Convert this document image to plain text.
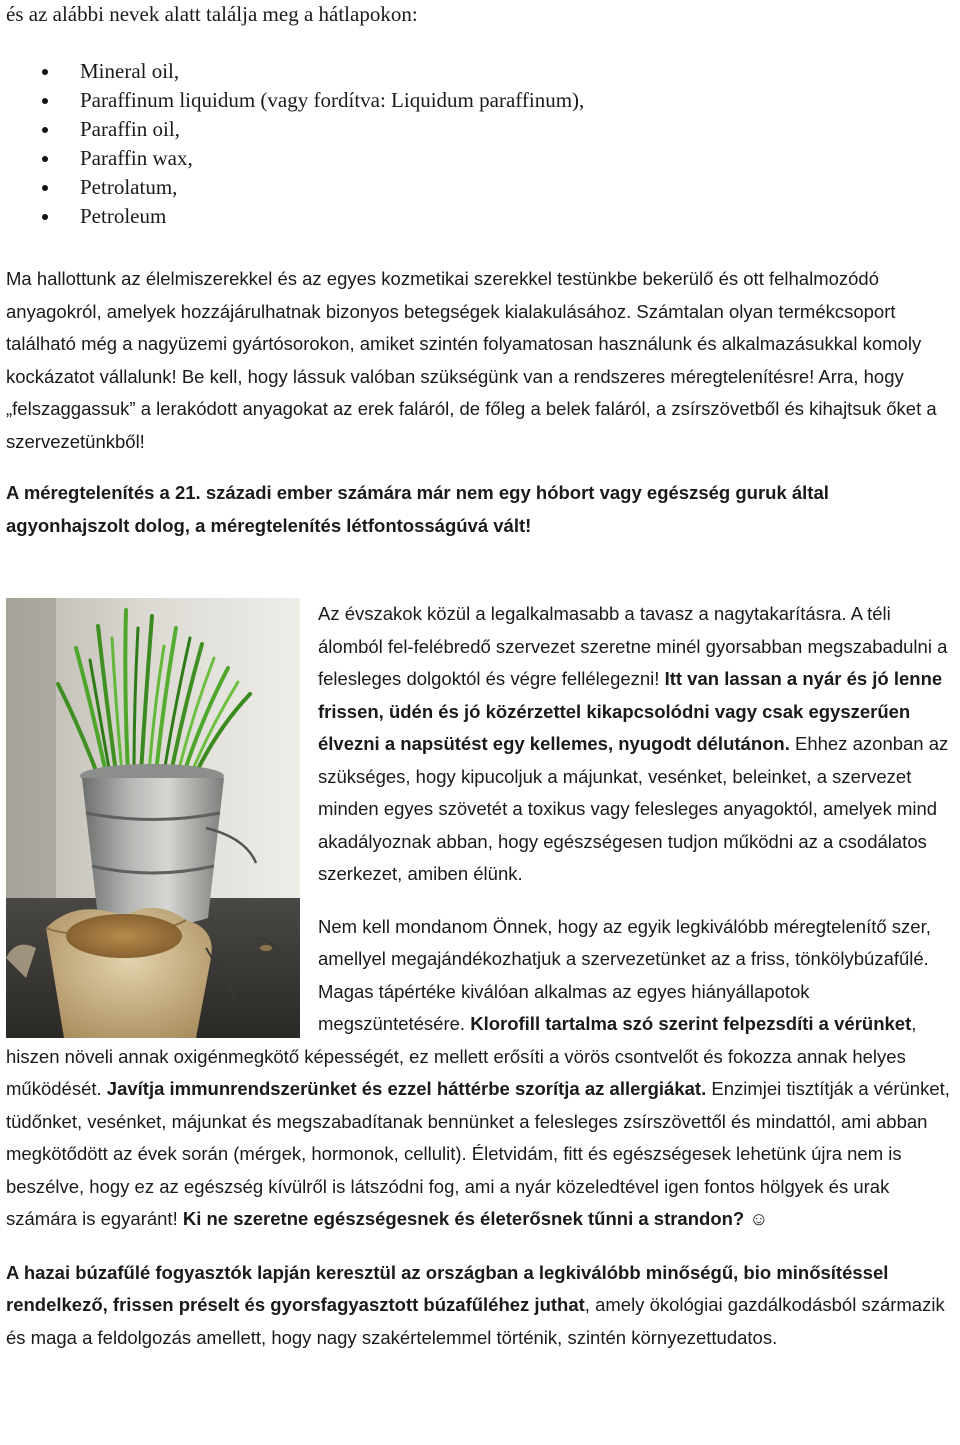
és az alábbi nevek alatt találja meg a hátlapokon:
Mineral oil,
Paraffinum liquidum (vagy fordítva: Liquidum paraffinum),
Paraffin oil,
Paraffin wax,
Petrolatum,
Petroleum

Ma hallottunk az élelmiszerekkel és az egyes kozmetikai szerekkel testünkbe bekerülő és ott felhalmozódó anyagokról, amelyek hozzájárulhatnak bizonyos betegségek kialakulásához. Számtalan olyan termékcsoport található még a nagyüzemi gyártósorokon, amiket szintén folyamatosan használunk és alkalmazásukkal komoly kockázatot vállalunk! Be kell, hogy lássuk valóban szükségünk van a rendszeres méregtelenítésre! Arra, hogy „felszaggassuk” a lerakódott anyagokat az erek faláról, de főleg a belek faláról, a zsírszövetből és kihajtsuk őket a szervezetünkből!

A méregtelenítés a 21. századi ember számára már nem egy hóbort vagy egészség guruk által agyonhajszolt dolog, a méregtelenítés létfontosságúvá vált!

Az évszakok közül a legalkalmasabb a tavasz a nagytakarításra. A téli álomból fel-felébredő szervezet szeretne minél gyorsabban megszabadulni a felesleges dolgoktól és végre fellélegezni! Itt van lassan a nyár és jó lenne frissen, üdén és jó közérzettel kikapcsolódni vagy csak egyszerűen élvezni a napsütést egy kellemes, nyugodt délutánon. Ehhez azonban az szükséges, hogy kipucoljuk a májunkat, vesénket, beleinket, a szervezet minden egyes szövetét a toxikus vagy felesleges anyagoktól, amelyek mind akadályoznak abban, hogy egészségesen tudjon működni az a csodálatos szerkezet, amiben élünk.

Nem kell mondanom Önnek, hogy az egyik legkiválóbb méregtelenítő szer, amellyel megajándékozhatjuk a szervezetünket az a friss, tönkölybúzafűlé. Magas tápértéke kiválóan alkalmas az egyes hiányállapotok megszüntetésére. Klorofill tartalma szó szerint felpezsdíti a vérünket, hiszen növeli annak oxigénmegkötő képességét, ez mellett erősíti a vörös csontvelőt és fokozza annak helyes működését. Javítja immunrendszerünket és ezzel háttérbe szorítja az allergiákat. Enzimjei tisztítják a vérünket, tüdőnket, vesénket, májunkat és megszabadítanak bennünket a felesleges zsírszövettől és mindattól, ami abban megkötődött az évek során (mérgek, hormonok, cellulit). Életvidám, fitt és egészségesek lehetünk újra nem is beszélve, hogy ez az egészség kívülről is látszódni fog, ami a nyár közeledtével igen fontos hölgyek és urak számára is egyaránt! Ki ne szeretne egészségesnek és életerősnek tűnni a strandon? ☺

A hazai búzafűlé fogyasztók lapján keresztül az országban a legkiválóbb minőségű, bio minősítéssel rendelkező, frissen préselt és gyorsfagyasztott búzafűléhez juthat, amely ökológiai gazdálkodásból származik és maga a feldolgozás amellett, hogy nagy szakértelemmel történik, szintén környezettudatos.
